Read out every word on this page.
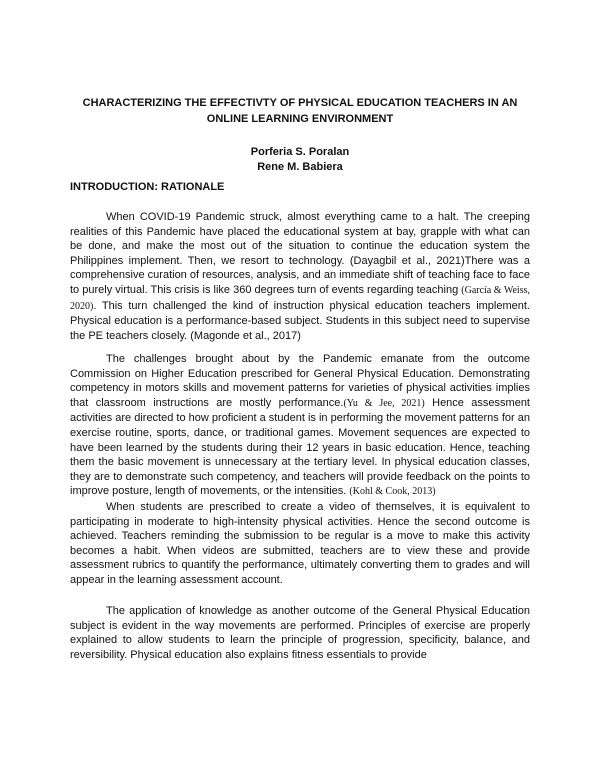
CHARACTERIZING THE EFFECTIVTY OF PHYSICAL EDUCATION TEACHERS IN AN ONLINE LEARNING ENVIRONMENT
Porferia S. Poralan
Rene M. Babiera
INTRODUCTION: RATIONALE

When COVID-19 Pandemic struck, almost everything came to a halt. The creeping realities of this Pandemic have placed the educational system at bay, grapple with what can be done, and make the most out of the situation to continue the education system the Philippines implement. Then, we resort to technology. (Dayagbil et al., 2021)There was a comprehensive curation of resources, analysis, and an immediate shift of teaching face to face to purely virtual. This crisis is like 360 degrees turn of events regarding teaching (García & Weiss, 2020). This turn challenged the kind of instruction physical education teachers implement. Physical education is a performance-based subject. Students in this subject need to supervise the PE teachers closely. (Magonde et al., 2017)

The challenges brought about by the Pandemic emanate from the outcome Commission on Higher Education prescribed for General Physical Education. Demonstrating competency in motors skills and movement patterns for varieties of physical activities implies that classroom instructions are mostly performance.(Yu & Jee, 2021) Hence assessment activities are directed to how proficient a student is in performing the movement patterns for an exercise routine, sports, dance, or traditional games. Movement sequences are expected to have been learned by the students during their 12 years in basic education. Hence, teaching them the basic movement is unnecessary at the tertiary level. In physical education classes, they are to demonstrate such competency, and teachers will provide feedback on the points to improve posture, length of movements, or the intensities. (Kohl & Cook, 2013)

When students are prescribed to create a video of themselves, it is equivalent to participating in moderate to high-intensity physical activities. Hence the second outcome is achieved. Teachers reminding the submission to be regular is a move to make this activity becomes a habit. When videos are submitted, teachers are to view these and provide assessment rubrics to quantify the performance, ultimately converting them to grades and will appear in the learning assessment account.

The application of knowledge as another outcome of the General Physical Education subject is evident in the way movements are performed. Principles of exercise are properly explained to allow students to learn the principle of progression, specificity, balance, and reversibility. Physical education also explains fitness essentials to provide
